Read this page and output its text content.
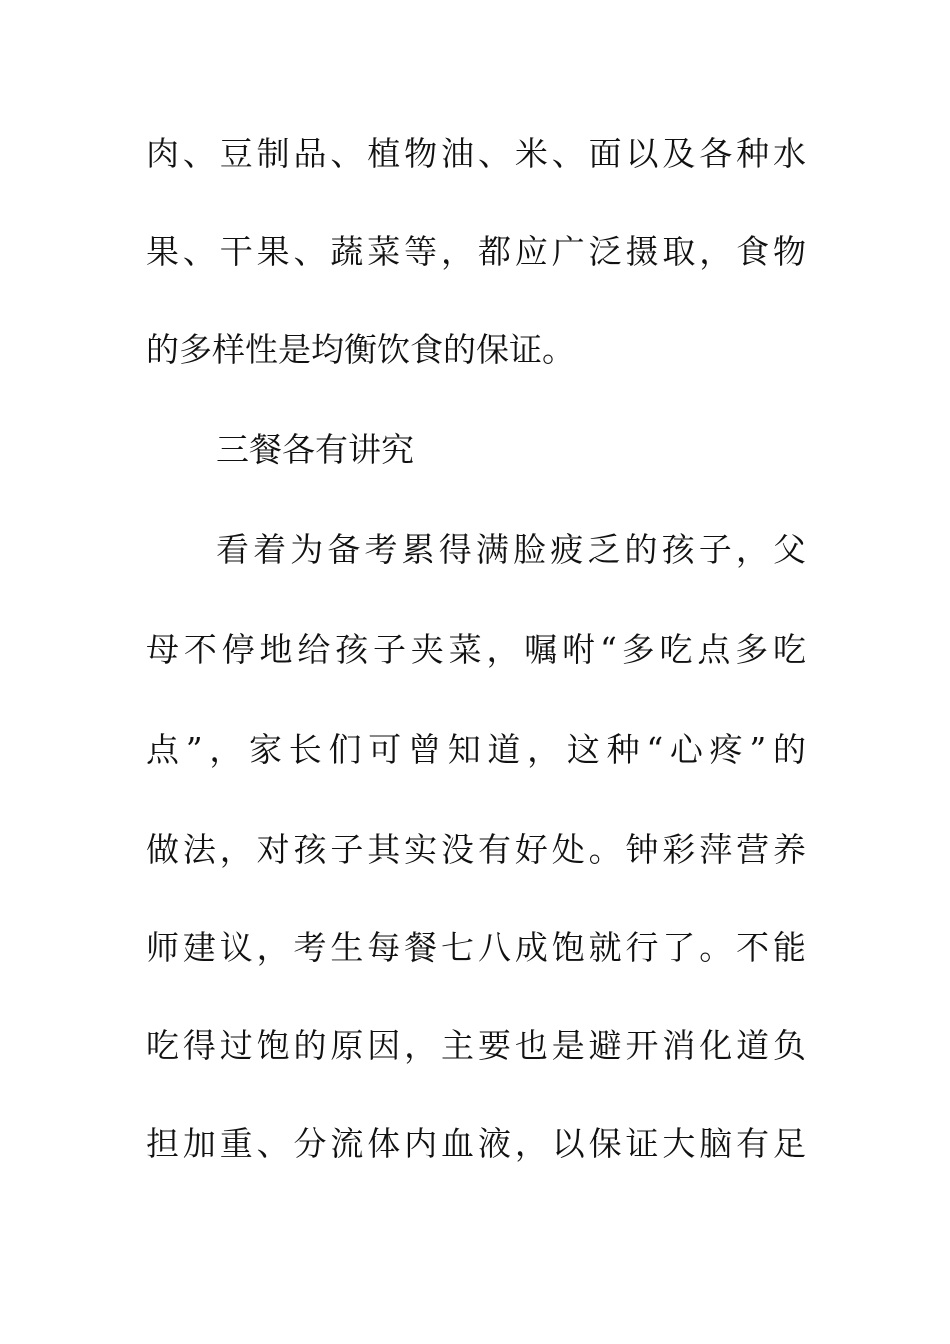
肉、豆制品、植物油、米、面以及各种水
果、干果、蔬菜等，都应广泛摄取，食物
的多样性是均衡饮食的保证。
三餐各有讲究
看着为备考累得满脸疲乏的孩子，父
母不停地给孩子夹菜，嘱咐“多吃点多吃
点”，家长们可曾知道，这种“心疼”的
做法，对孩子其实没有好处。钟彩萍营养
师建议，考生每餐七八成饱就行了。不能
吃得过饱的原因，主要也是避开消化道负
担加重、分流体内血液，以保证大脑有足
